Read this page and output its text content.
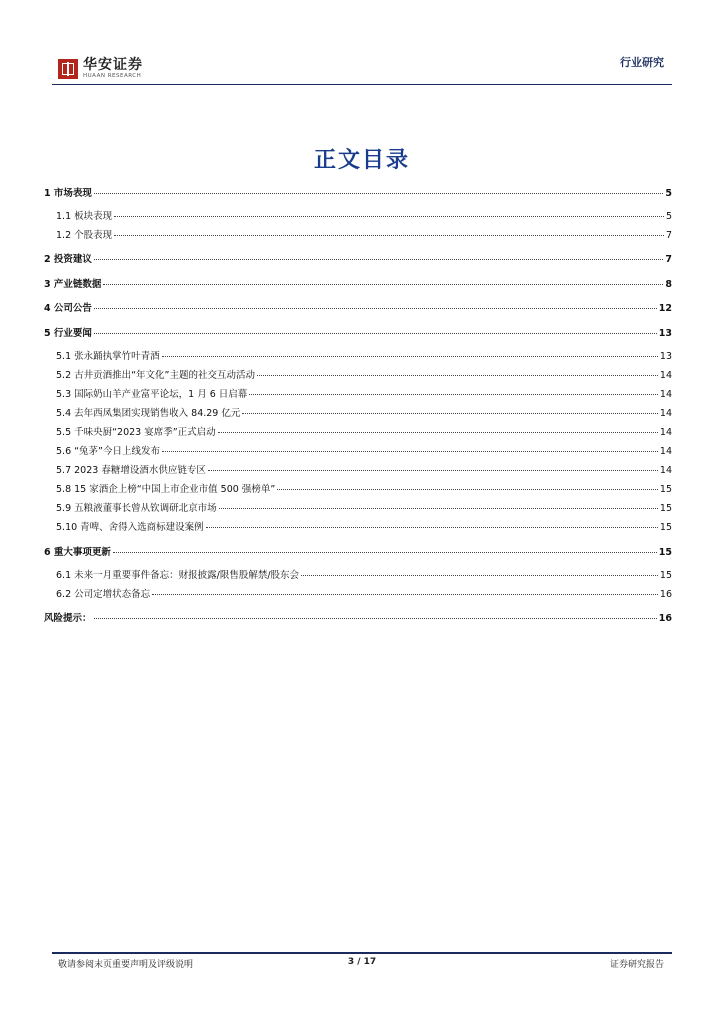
华安证券
HUAAN RESEARCH
行业研究
正文目录
1 市场表现	5
1.1 板块表现	5
1.2 个股表现	7
2 投资建议	7
3 产业链数据	8
4 公司公告	12
5 行业要闻	13
5.1 张永踊执掌竹叶青酒	13
5.2 古井贡酒推出“年文化”主题的社交互动活动	14
5.3 国际奶山羊产业富平论坛，1 月 6 日启幕	14
5.4 去年西凤集团实现销售收入 84.29 亿元	14
5.5 千味央厨“2023 宴席季”正式启动	14
5.6 “兔茅”今日上线发布	14
5.7 2023 春糖增设酒水供应链专区	14
5.8 15 家酒企上榜“中国上市企业市值 500 强榜单”	15
5.9 五粮液董事长曾从钦调研北京市场	15
5.10 青啤、舍得入选商标建设案例	15
6 重大事项更新	15
6.1 未来一月重要事件备忘：财报披露/限售股解禁/股东会	15
6.2 公司定增状态备忘	16
风险提示：	16
敬请参阅末页重要声明及评级说明	3 / 17	证券研究报告
